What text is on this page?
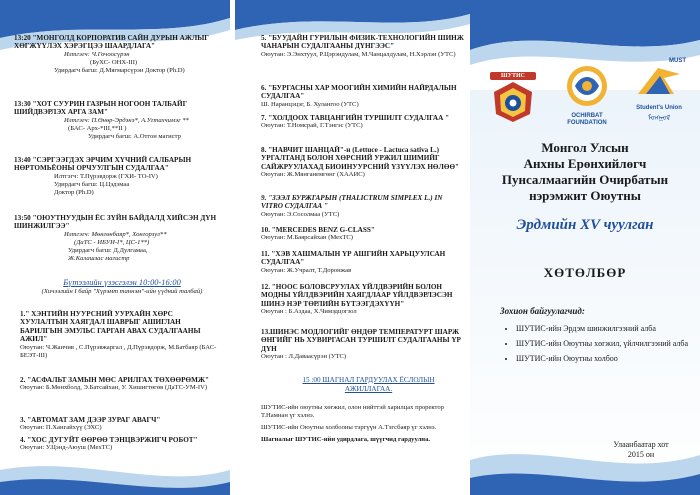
13:20 "МОНГОЛД КОРПОРАТИВ САЙН ДУРЫН АЖЛЫГ ХӨГЖҮҮЛЭХ ХЭРЭГЦЭЭ ШААРДЛАГА"
Илтгэгч: Ч.Гочоосүрэн
(БуХС- ОНХ-III)
Удирдагч багш: Д.Мягмарсүрэн Доктор (Ph.D)
13:30 "ХОТ СУУРИН ГАЗРЫН НОГООН ТАЛБАЙГ ШИЙДВЭРЛЭХ АРГА ЗАМ"
Илтгэгч: П.Өнөр-Эрдэнэ*, А.Угтахчимэг **
(БАС- Арх-*III,**II )
Удирдагч багш: А.Отгон магистр
13:40 "СЭРГЭЭГДЭХ ЭРЧИМ ХҮЧНИЙ САЛБАРЫН НӨРТОМЬЁОНЫ ОРЧУУЛГЫН СУДАЛГАА"
Илтгэгч: Т.Пүрэвдорж (ГХИ- ТО-IV)
Удирдагч багш: Ц.Цэдэмаа
Доктор (Ph.D)
13:50 "ОЮУТНУУДЫН ЁС ЗҮЙН БАЙДАЛД ХИЙСЭН ДҮН ШИНЖИЛГЭЭ"
Илтгэгч: Мөнгөнбаяр*, Хонгорзул**
(ДаТС - ИБУИ-I*, ЦС-1**)
Удирдагч багш: Д.Дулгамаа,
Ж.Калашзас магистр
Бүтээлийн үзэсгэлэн 10:00-16:00
(Хичээлийн I байр "Хүрэмт таннэм"-ийн үүдний талбай)
1." ХЭНТИЙН НУУРСНИЙ УУРХАЙН ХӨРС ХУУЛАЛТЫН ХАЯГДАЛ ШАВРЫГ АШИГЛАН БАРИЛГЫН ЭМУЛЬС ГАРГАН АВАХ СУДАЛГААНЫ АЖИЛ"
Оюутан: Ч.Жанчив , С.Пүрэвжаргал , Д.Пүрэвдорж, М.Батбаяр (БАС-БЕЭТ-III)
2. "АСФАЛЬТ ЗАМЫН МӨС АРИЛГАХ ТӨХӨӨРӨМЖ"
Оюутан: Б.Мөнхболд, Э.Батсайхан, У. Хишигтөгөв (ДаТС-УМ-IV)
3. "АВТОМАТ ЗАМ ДЭЭР ЗУРАГ АВАГЧ"
Оюутан: П.Хангайхүү (ЭХС)
4. "ХОС ДУГУЙТ ӨӨРӨӨ ТЭНЦВЭРЖИГЧ РОБОТ"
Оюутан: У.Цэнд-Аюуш (МехТС)
5. "БУУДАЙН ГУРИЛЫН ФИЗИК-ТЕХНОЛОГИЙН ШИНЖ ЧАНАРЫН СУДАЛГААНЫ ДҮНГЭЭС"
Оюутан: Э.Энхтуул, Р.Цэрэндулам, М.Чанцалдулам, Н.Хэрлэн (УТС)
6. "БУРГАСНЫ ХАР МООГИЙН ХИМИЙН НАЙРДАЛЫН СУДАЛГАА"
Ш. Наранцэцэг, Б. Хулангоо (УТС)
7. "ХОЛДООХ ТАВЦАНГИЙН ТУРШИЛТ СУДАЛГАА "
Оюутан: Т.Номсрай, Г.Тэнгэс (УТС)
8. "НАВЧИТ ШАНЦАЙ"-н (Lettuce - Lactuca sativa L.) УРГАЛТАНД БОЛОН ХӨРСНИЙ УРЖИЛ ШИМИЙГ САЙЖРУУЛАХАД БИОИНУУРСНИЙ ҮЗҮҮЛЭХ НӨЛӨӨ"
Оюутан: Ж.Мянганемгөнг (ХААИС)
9. "ЗЭЭЛ БУРЖГАРЫН (THALICTRUM SIMPLEX L.) IN VITRO СУДАЛГАА "
Оюутан: Э.Сосолмаа (УТС)
10. "MERCEDES BENZ G-CLASS"
Оюутан: М.Баярсайхан (МехТС)
11. "ХЭВ ХАШМАЛЫН ҮР АШГИЙН ХАРЬЦУУЛСАН СУДАЛГАА"
Оюутан: Ж.Учралт, Т.Доронжав
12. "НООС БОЛОВСРУУЛАХ ҮЙЛДВЭРИЙН БОЛОН МОДНЫ ҮЙЛДВЭРИЙН ХАЯГДЛААР ҮЙЛДВЭРЛЭСЭН ШИНЭ НЭР ТӨРЛИЙН БҮТЭЭГДЭХҮҮН"
Оюутан : Б.Аздаа, Х.Чимэдцогзол
13.ШИНЭС МОДЛОГИЙГ ӨНДӨР ТЕМПЕРАТУРТ ШАРЖ ӨНГИЙГ НЬ ХУВИРГАСАН ТУРШИЛТ СУДАЛГААНЫ ҮР ДҮН
Оюутан : Л.Даваасүрэн (УТС)
15 :00 ШАГНАЛ ГАРДУУЛАХ ЁСЛОЛЫН АЖИЛЛАГАА.
ШУТИС-ийн оюутны хөгжил, олон нийттэй харилцах проректор Т.Намнан үг хэлнэ.
ШУТИС-ийн Оюутны холбооны тэргүүн А.Тэгсбаяр үг хэлнэ.
Шагналыг ШУТИС-ийн удирдлага, шүүгчид гардуулна.
ШУТИС
OCHIRBAT
FOUNDATION
MUST
Student's Union
ᠮᠣᠩᠭᠣᠯ
Монгол Улсын
Анхны Ерөнхийлөгч
Пунсалмаагийн Очирбатын
нэрэмжит Оюутны
Эрдмийн XV чуулган
ХӨТӨЛБӨР
Зохион байгуулагчид:
• ШУТИС-ийн Эрдэм шинжилгээний алба
• ШУТИС-ийн Оюутны хөгжил, үйлчилгээний алба
• ШУТИС-ийн Оюутны холбоо
Улаанбаатар хот
2015 он
